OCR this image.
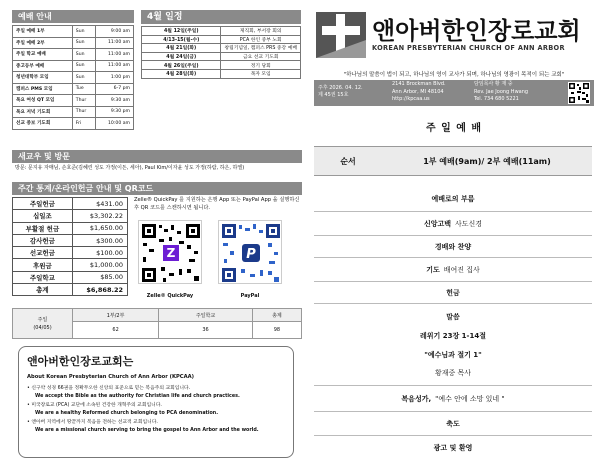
예배 안내
주일 예배 1부	Sun	9:00 am
주일 예배 2부	Sun	11:00 am
주일 학교 예배	Sun	11:00 am
중고등부 예배	Sun	11:00 am
청년대학부 모임	Sun	1:00 pm
캠퍼스 PMS 모임	Tue	6-7 pm
목요 여성 QT 모임	Thur	9:30 am
목요 저녁 기도회	Thur	9:30 pm
선교 중보 기도회	Fri	10:00 am
4월 일정
4월 12일(주일)	제직회, 부서장 회의
4/13-15(월-수)	PCA 한인 중부 노회
4월 21일(화)	창립기념일, 캠퍼스 PRS 중강 예배
4월 24일(금)	금요 선교 기도회
4월 26일(주일)	정기 당회
4월 28일(화)	목자 모임
앤아버한인장로교회
KOREAN PRESBYTERIAN CHURCH OF ANN ARBOR
"하나님의 말씀이 법이 되고, 하나님의 영이 교사가 되며, 하나님의 영광이 목적이 되는 교회"
주후 2026. 04. 12.
제 45권 15호
2141 Brockman Blvd.
Ann Arbor, MI 48104
http://kpcaa.us
담임목사 황 재 중
Rev. Jae Joong Hwang
Tel. 734 680 5221
새교우 및 방문
방문: 문지유 자매님, 손호준(김혜린 성도 가정(이든, 세아), Paul Kim/이자윤 성도 가정(하람, 하은, 하엘)
주간 통계/온라인헌금 안내 및 QR코드
주일헌금	$431.00
십일조	$3,302.22
부활절 헌금	$1,650.00
감사헌금	$300.00
선교헌금	$100.00
후원금	$1,000.00
주일학교	$85.00
총계	$6,868.22
Zelle® QuickPay 를 지원하는 은행 App 또는 PayPal App 을 실행하신 후 QR 코드를 스캔하시면 됩니다.
Z	P
Zelle® QuickPay	PayPal
주일
(04/05)	1부/2부	주일학교	총계
	62	36	98
앤아버한인장로교회는
About Korean Presbyterian Church of Ann Arbor (KPCAA)
• 신구약 성경 66권을 정확무오한 신앙의 표준으로 믿는 복음주의 교회입니다.
We accept the Bible as the authority for Christian life and church practices.
• 미국장로교 (PCA) 교단에 소속된 건강한 개혁주의 교회입니다.
We are a healthy Reformed church belonging to PCA denomination.
• 앤아버 지역에서 땅끝까지 복음을 전하는 선교적 교회입니다.
We are a missional church serving to bring the gospel to Ann Arbor and the world.
주 일 예 배
순서	1부 예배(9am)/ 2부 예배(11am)
예배로의 부름
신앙고백 사도신경
경배와 찬양
기도 배여진 집사
헌금
말씀
레위기 23장 1-14절
"예수님과 절기 1"
황재중 목사
복음성가, "예수 안에 소망 있네 "
축도
광고 및 환영
